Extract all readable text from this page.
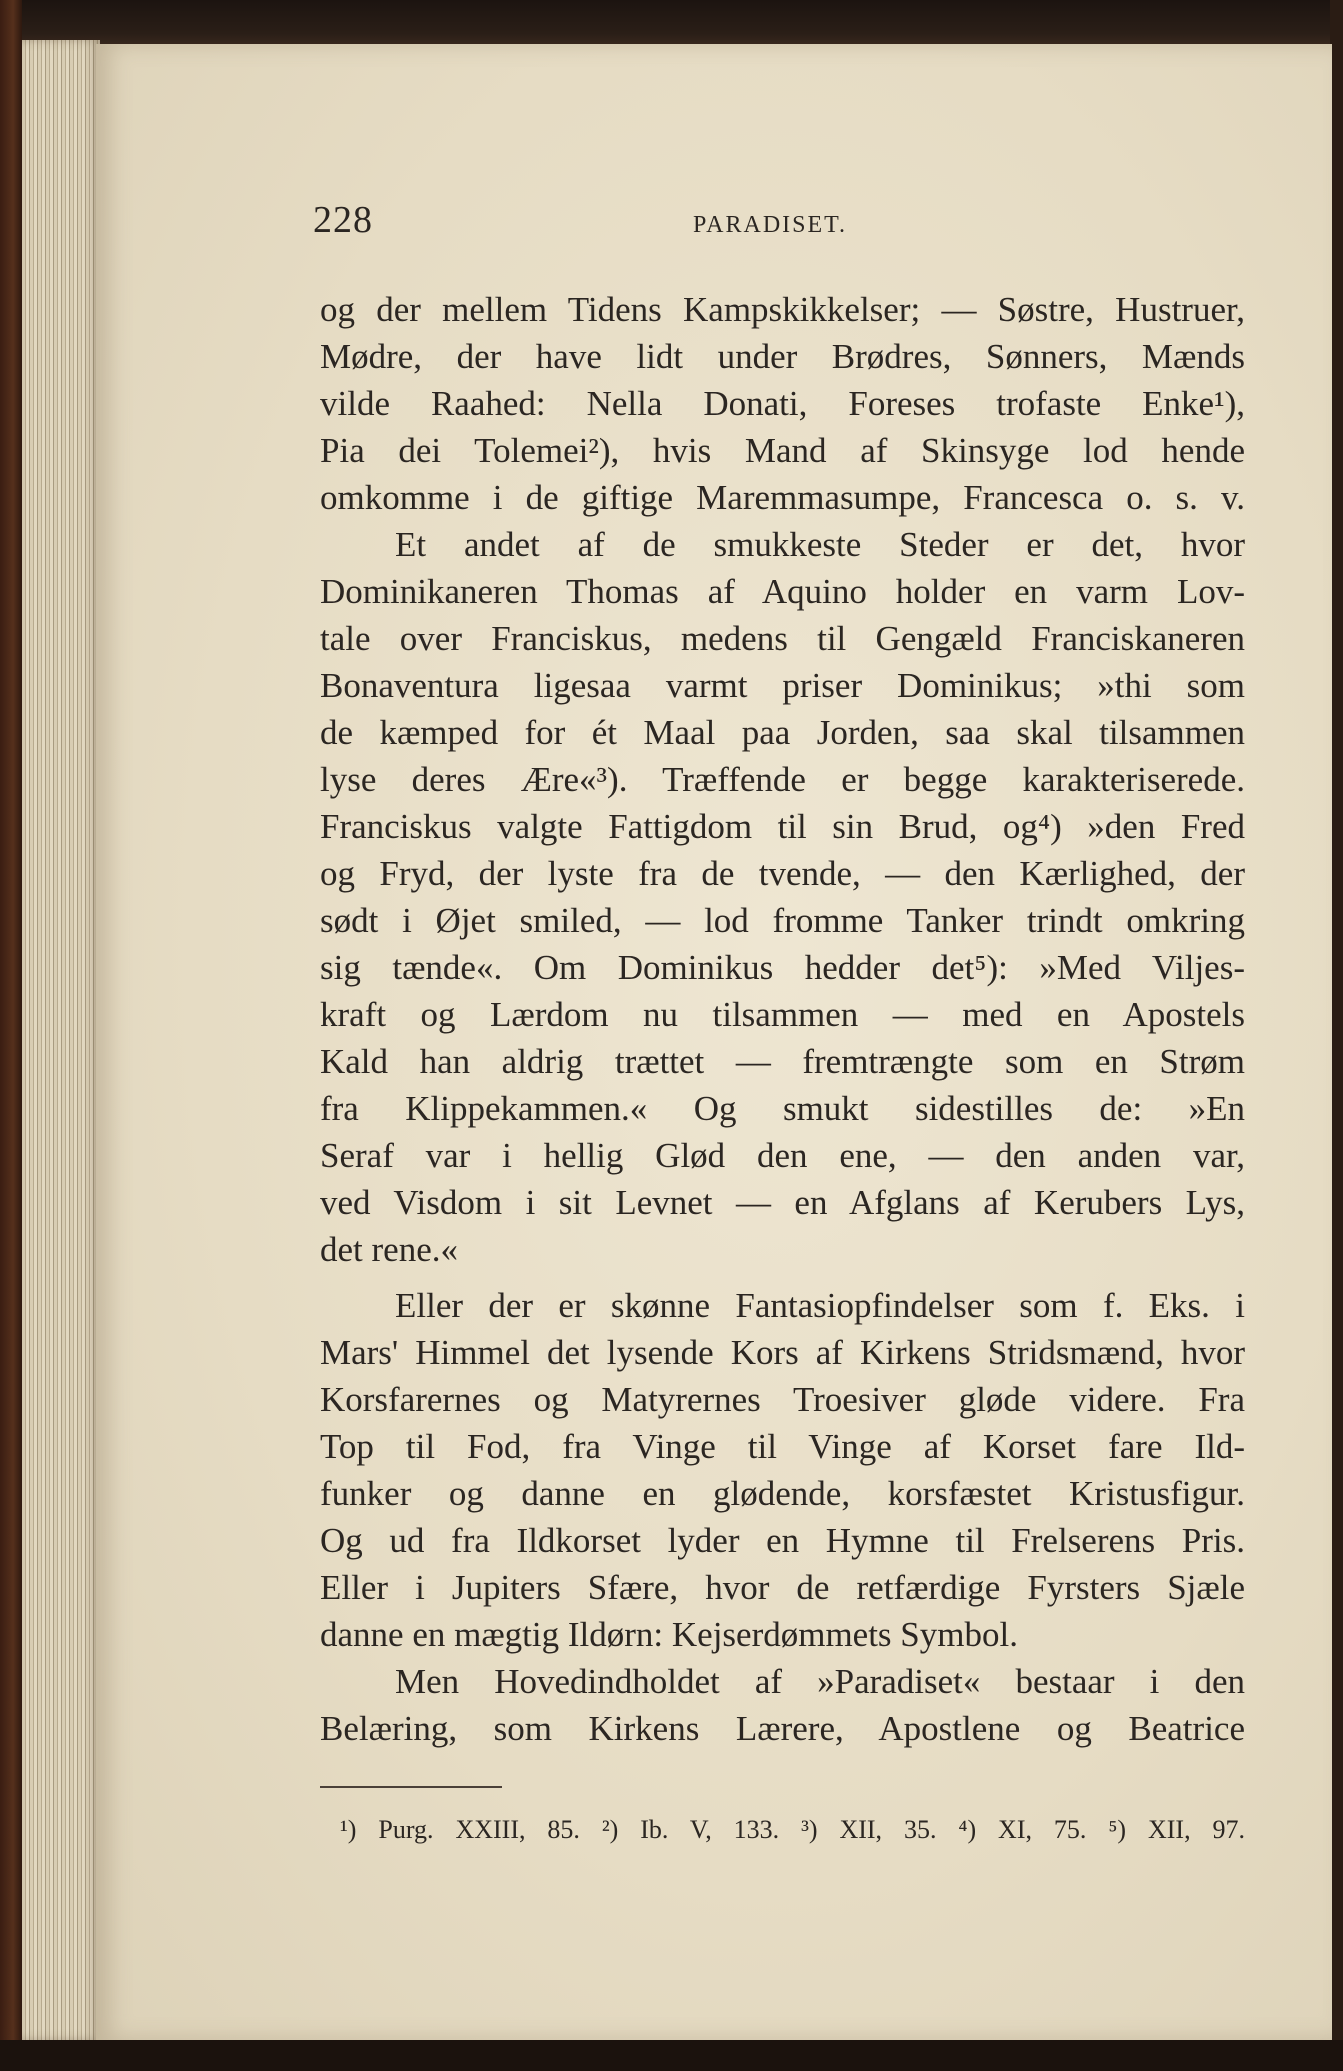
228	PARADISET.
og der mellem Tidens Kampskikkelser; — Søstre, Hustruer,
Mødre, der have lidt under Brødres, Sønners, Mænds
vilde Raahed: Nella Donati, Foreses trofaste Enke¹),
Pia dei Tolemei²), hvis Mand af Skinsyge lod hende
omkomme i de giftige Maremmasumpe, Francesca o. s. v.
Et andet af de smukkeste Steder er det, hvor
Dominikaneren Thomas af Aquino holder en varm Lov-
tale over Franciskus, medens til Gengæld Franciskaneren
Bonaventura ligesaa varmt priser Dominikus; »thi som
de kæmped for ét Maal paa Jorden, saa skal tilsammen
lyse deres Ære«³). Træffende er begge karakteriserede.
Franciskus valgte Fattigdom til sin Brud, og⁴) »den Fred
og Fryd, der lyste fra de tvende, — den Kærlighed, der
sødt i Øjet smiled, — lod fromme Tanker trindt omkring
sig tænde«. Om Dominikus hedder det⁵): »Med Viljes-
kraft og Lærdom nu tilsammen — med en Apostels
Kald han aldrig trættet — fremtrængte som en Strøm
fra Klippekammen.« Og smukt sidestilles de: »En
Seraf var i hellig Glød den ene, — den anden var,
ved Visdom i sit Levnet — en Afglans af Kerubers Lys,
det rene.«
Eller der er skønne Fantasiopfindelser som f. Eks. i
Mars' Himmel det lysende Kors af Kirkens Stridsmænd, hvor
Korsfarernes og Matyrernes Troesiver gløde videre. Fra
Top til Fod, fra Vinge til Vinge af Korset fare Ild-
funker og danne en glødende, korsfæstet Kristusfigur.
Og ud fra Ildkorset lyder en Hymne til Frelserens Pris.
Eller i Jupiters Sfære, hvor de retfærdige Fyrsters Sjæle
danne en mægtig Ildørn: Kejserdømmets Symbol.
Men Hovedindholdet af »Paradiset« bestaar i den
Belæring, som Kirkens Lærere, Apostlene og Beatrice
¹) Purg. XXIII, 85. ²) Ib. V, 133. ³) XII, 35. ⁴) XI, 75. ⁵) XII, 97.
